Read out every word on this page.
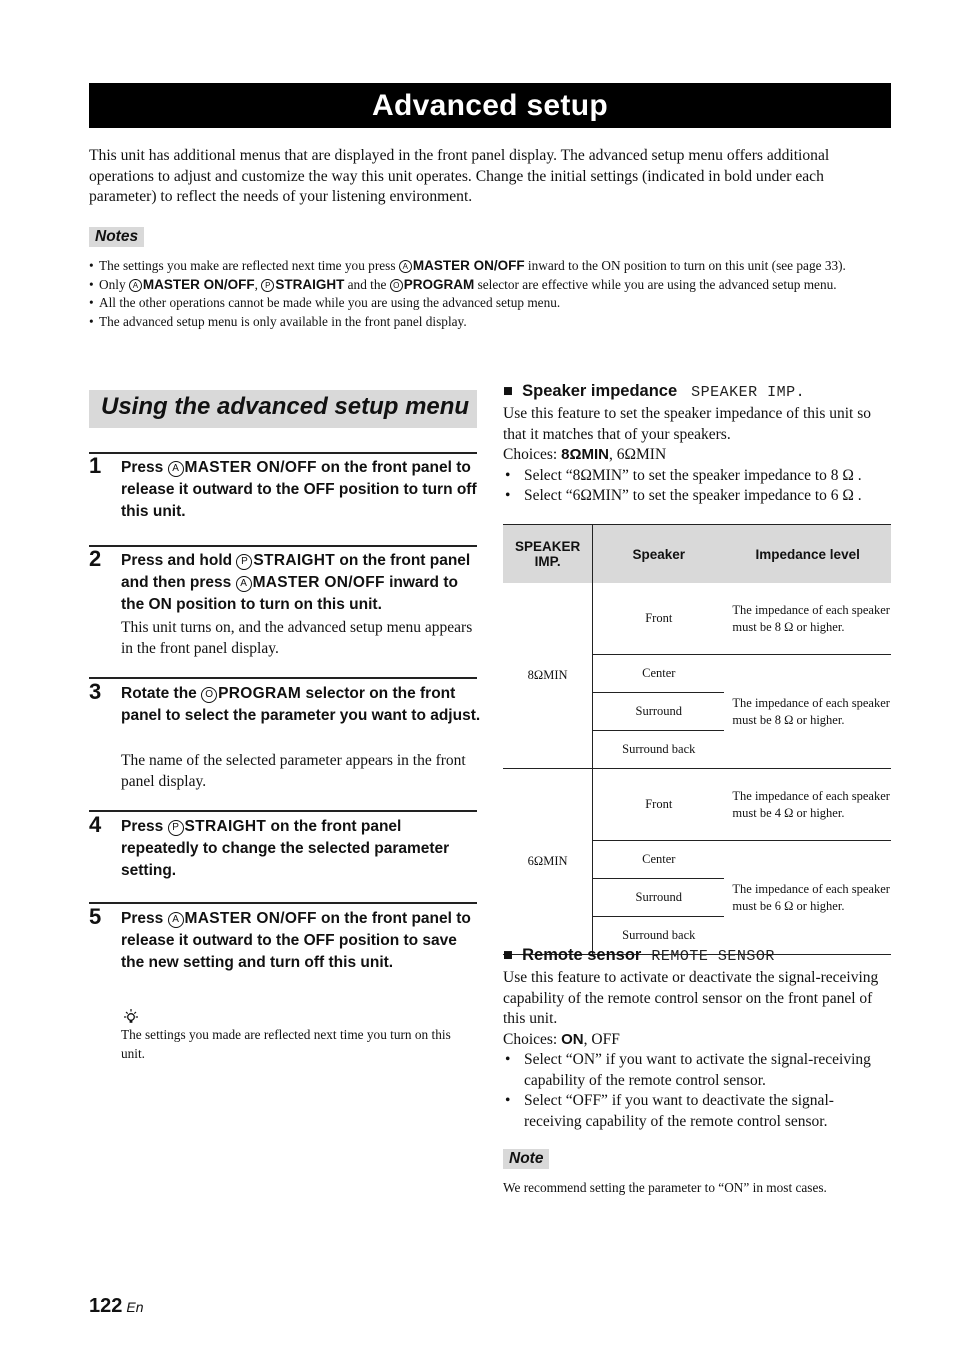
Advanced setup
This unit has additional menus that are displayed in the front panel display. The advanced setup menu offers additional operations to adjust and customize the way this unit operates. Change the initial settings (indicated in bold under each parameter) to reflect the needs of your listening environment.
Notes
• The settings you make are reflected next time you press A MASTER ON/OFF inward to the ON position to turn on this unit (see page 33).
• Only A MASTER ON/OFF, P STRAIGHT and the O PROGRAM selector are effective while you are using the advanced setup menu.
• All the other operations cannot be made while you are using the advanced setup menu.
• The advanced setup menu is only available in the front panel display.
Using the advanced setup menu
1 Press A MASTER ON/OFF on the front panel to release it outward to the OFF position to turn off this unit.
2 Press and hold P STRAIGHT on the front panel and then press A MASTER ON/OFF inward to the ON position to turn on this unit.
This unit turns on, and the advanced setup menu appears in the front panel display.
3 Rotate the O PROGRAM selector on the front panel to select the parameter you want to adjust.
The name of the selected parameter appears in the front panel display.
4 Press P STRAIGHT on the front panel repeatedly to change the selected parameter setting.
5 Press A MASTER ON/OFF on the front panel to release it outward to the OFF position to save the new setting and turn off this unit.
The settings you made are reflected next time you turn on this unit.
■  Speaker impedance SPEAKER IMP.
Use this feature to set the speaker impedance of this unit so that it matches that of your speakers.
Choices: 8ΩMIN, 6ΩMIN
• Select “8ΩMIN” to set the speaker impedance to 8 Ω .
• Select “6ΩMIN” to set the speaker impedance to 6 Ω .
SPEAKER IMP.	Speaker	Impedance level
8ΩMIN	Front	The impedance of each speaker must be 8 Ω or higher.
	Center	The impedance of each speaker must be 8 Ω or higher.
	Surround	
	Surround back	
6ΩMIN	Front	The impedance of each speaker must be 4 Ω or higher.
	Center	The impedance of each speaker must be 6 Ω or higher.
	Surround	
	Surround back	
■  Remote sensor REMOTE SENSOR
Use this feature to activate or deactivate the signal-receiving capability of the remote control sensor on the front panel of this unit.
Choices: ON, OFF
• Select “ON” if you want to activate the signal-receiving capability of the remote control sensor.
• Select “OFF” if you want to deactivate the signal-receiving capability of the remote control sensor.
Note
We recommend setting the parameter to “ON” in most cases.
122 En
